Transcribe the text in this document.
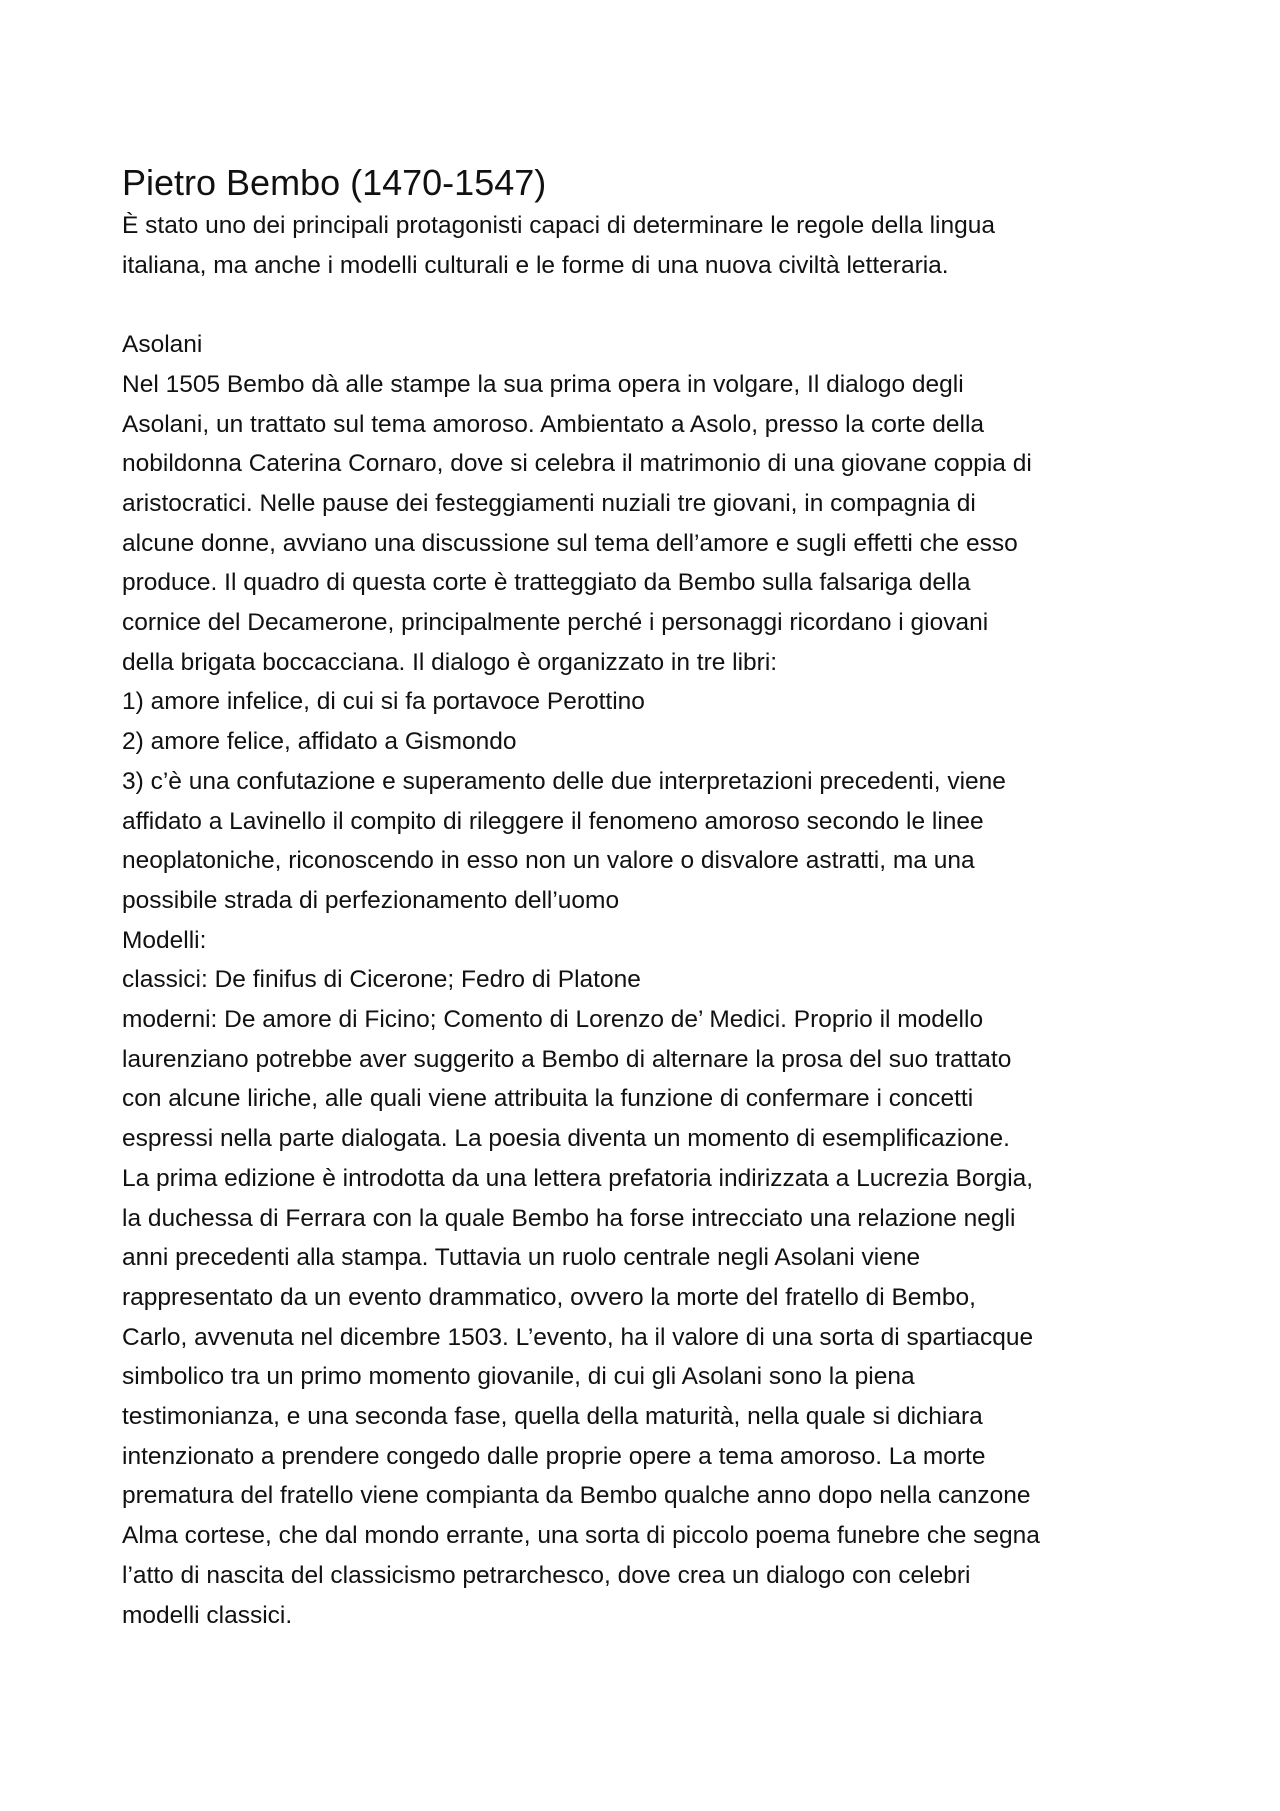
Pietro Bembo (1470-1547)
È stato uno dei principali protagonisti capaci di determinare le regole della lingua
italiana, ma anche i modelli culturali e le forme di una nuova civiltà letteraria.
Asolani
Nel 1505 Bembo dà alle stampe la sua prima opera in volgare, Il dialogo degli
Asolani, un trattato sul tema amoroso. Ambientato a Asolo, presso la corte della
nobildonna Caterina Cornaro, dove si celebra il matrimonio di una giovane coppia di
aristocratici. Nelle pause dei festeggiamenti nuziali tre giovani, in compagnia di
alcune donne, avviano una discussione sul tema dell’amore e sugli effetti che esso
produce. Il quadro di questa corte è tratteggiato da Bembo sulla falsariga della
cornice del Decamerone, principalmente perché i personaggi ricordano i giovani
della brigata boccacciana. Il dialogo è organizzato in tre libri:
1) amore infelice, di cui si fa portavoce Perottino
2) amore felice, affidato a Gismondo
3) c’è una confutazione e superamento delle due interpretazioni precedenti, viene
affidato a Lavinello il compito di rileggere il fenomeno amoroso secondo le linee
neoplatoniche, riconoscendo in esso non un valore o disvalore astratti, ma una
possibile strada di perfezionamento dell’uomo
Modelli:
classici: De finifus di Cicerone; Fedro di Platone
moderni: De amore di Ficino; Comento di Lorenzo de’ Medici. Proprio il modello
laurenziano potrebbe aver suggerito a Bembo di alternare la prosa del suo trattato
con alcune liriche, alle quali viene attribuita la funzione di confermare i concetti
espressi nella parte dialogata. La poesia diventa un momento di esemplificazione.
La prima edizione è introdotta da una lettera prefatoria indirizzata a Lucrezia Borgia,
la duchessa di Ferrara con la quale Bembo ha forse intrecciato una relazione negli
anni precedenti alla stampa. Tuttavia un ruolo centrale negli Asolani viene
rappresentato da un evento drammatico, ovvero la morte del fratello di Bembo,
Carlo, avvenuta nel dicembre 1503. L’evento, ha il valore di una sorta di spartiacque
simbolico tra un primo momento giovanile, di cui gli Asolani sono la piena
testimonianza, e una seconda fase, quella della maturità, nella quale si dichiara
intenzionato a prendere congedo dalle proprie opere a tema amoroso. La morte
prematura del fratello viene compianta da Bembo qualche anno dopo nella canzone
Alma cortese, che dal mondo errante, una sorta di piccolo poema funebre che segna
l’atto di nascita del classicismo petrarchesco, dove crea un dialogo con celebri
modelli classici.
